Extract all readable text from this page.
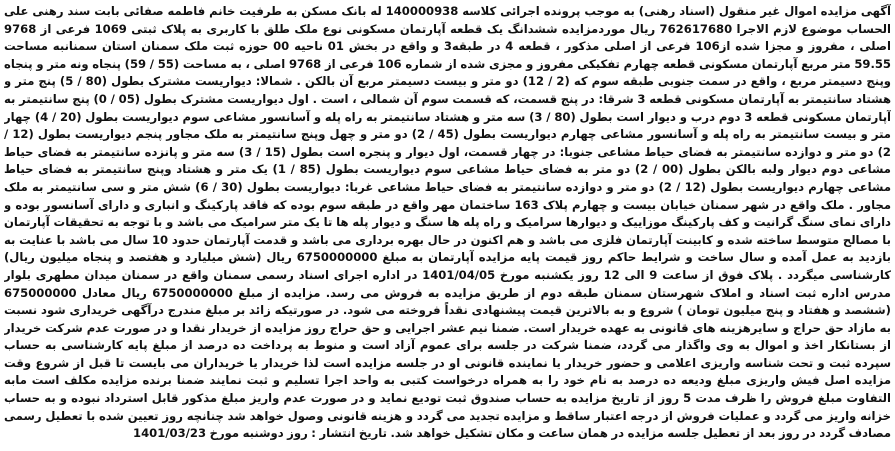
آگهی مزایده اموال غیر منقول (اسناد رهنی) به موجب پرونده اجرائی کلاسه 140000938 له بانک مسکن به طرفیت خانم فاطمه صفائی بابت سند رهنی علی الحساب موضوع لازم الاجرا 762617680 ریال موردمزایده ششدانگ یک قطعه آپارتمان مسکونی نوع ملک طلق با کاربری به پلاک ثبتی 1069 فرعی از 9768 اصلی ، مفروز و مجزا شده از106 فرعی از اصلی مذکور ، قطعه 4 در طبقه3 و واقع در بخش 01 ناحیه 00 حوزه ثبت ملک سمنان استان سمنانبه مساحت 59.55 متر مربع آپارتمان مسکونی قطعه چهارم تفکیکی مفروز و مجزی شده از شماره 106 فرعی از 9768 اصلی ، به مساحت (55 / 59) پنجاه ونه متر و پنجاه وپنج دسیمتر مربع ، واقع در سمت جنوبی طبقه سوم که (2 / 12) دو متر و بیست دسیمتر مربع آن بالکن . شمالا: دیواریست مشترک بطول (80 / 5) پنج متر و هشتاد سانتیمتر به آپارتمان مسکونی قطعه 3 شرقا: در پنج قسمت، که قسمت سوم آن شمالی ، است . اول دیواریست مشترک بطول (05 / 0) پنج سانتیمتر به آپارتمان مسکونی قطعه 3 دوم درب و دیوار است بطول (80 / 3) سه متر و هشتاد سانتیمتر به راه پله و آسانسور مشاعی سوم دیواریست بطول (20 / 4) چهار متر و بیست سانتیمتر به راه پله و آسانسور مشاعی چهارم دیواریست بطول (45 / 2) دو متر و چهل وپنج سانتیمتر به ملک مجاور پنجم دیواریست بطول (12 / 2) دو متر و دوازده سانتیمتر به فضای حیاط مشاعی جنوبا: در چهار قسمت، اول دیوار و پنجره است بطول (15 / 3) سه متر و پانزده سانتیمتر به فضای حیاط مشاعی دوم دیوار ولبه بالکن بطول (00 / 2) دو متر به فضای حیاط مشاعی سوم دیواریست بطول (85 / 1) یک متر و هشتاد وپنج سانتیمتر به فضای حیاط مشاعی چهارم دیواریست بطول (12 / 2) دو متر و دوازده سانتیمتر به فضای حیاط مشاعی غربا: دیواریست بطول (30 / 6) شش متر و سی سانتیمتر به ملک مجاور . ملک واقع در شهر سمنان خیابان بیست و چهارم پلاک 163 ساختمان مهر واقع در طبقه سوم بوده که فاقد پارکینگ و انباری و دارای آسانسور بوده و دارای نمای سنگ گرانیت و کف پارکینگ موزاییک و دیوارها سرامیک و راه پله ها سنگ و دیوار پله ها تا یک متر سرامیک می باشد و با توجه به تحقیقات آپارتمان با مصالح متوسط ساخته شده و کابینت آپارتمان فلزی می باشد و هم اکنون در حال بهره برداری می باشد و قدمت آپارتمان حدود 10 سال می باشد با عنایت به بازدید به عمل آمده و سال ساخت و شرایط حاکم روز قیمت پایه مزایده آپارتمان به مبلغ 6750000000 ریال (شش میلیارد و هفتصد و پنجاه میلیون ریال) کارشناسی میگردد . پلاک فوق از ساعت 9 الی 12 روز یکشنبه مورخ 1401/04/05 در اداره اجرای اسناد رسمی سمنان واقع در سمنان میدان مطهری بلوار مدرس اداره ثبت اسناد و املاک شهرستان سمنان طبقه دوم از طریق مزایده به فروش می رسد. مزایده از مبلغ 6750000000 ریال معادل 675000000 (ششصد و هفتاد و پنج میلیون تومان ) شروع و به بالاترین قیمت پیشنهادی نقداً فروخته می شود. در صورتیکه زائد بر مبلغ مندرج درآگهی خریداری شود نسبت به مازاد حق حراج و سایرهزینه های قانونی به عهده خریدار است. ضمنا نیم عشر اجرایی و حق حراج روز مزایده از خریدار نقدا و در صورت عدم شرکت خریدار از بستانکار اخذ و اموال به وی واگذار می گردد، ضمنا شرکت در جلسه برای عموم آزاد است و منوط به پرداخت ده درصد از مبلغ پایه کارشناسی به حساب سپرده ثبت و تحت شناسه واریزی اعلامی و حضور خریدار یا نماینده قانونی او در جلسه مزایده است لذا خریدار یا خریداران می بایست تا قبل از شروع وقت مزایده اصل فیش واریزی مبلغ ودیعه ده درصد به نام خود را به همراه درخواست کتبی به واحد اجرا تسلیم و ثبت نمایند ضمنا برنده مزایده مکلف است مابه التفاوت مبلغ فروش را ظرف مدت 5 روز از تاریخ مزایده به حساب صندوق ثبت تودیع نماید و در صورت عدم واریز مبلغ مذکور قابل استرداد نبوده و به حساب خزانه واریز می گردد و عملیات فروش از درجه اعتبار ساقط و مزایده تجدید می گردد و هزینه قانونی وصول خواهد شد چنانچه روز تعیین شده با تعطیل رسمی مصادف گردد در روز بعد از تعطیل جلسه مزایده در همان ساعت و مکان تشکیل خواهد شد. تاریخ انتشار : روز دوشنبه مورخ 1401/03/23
